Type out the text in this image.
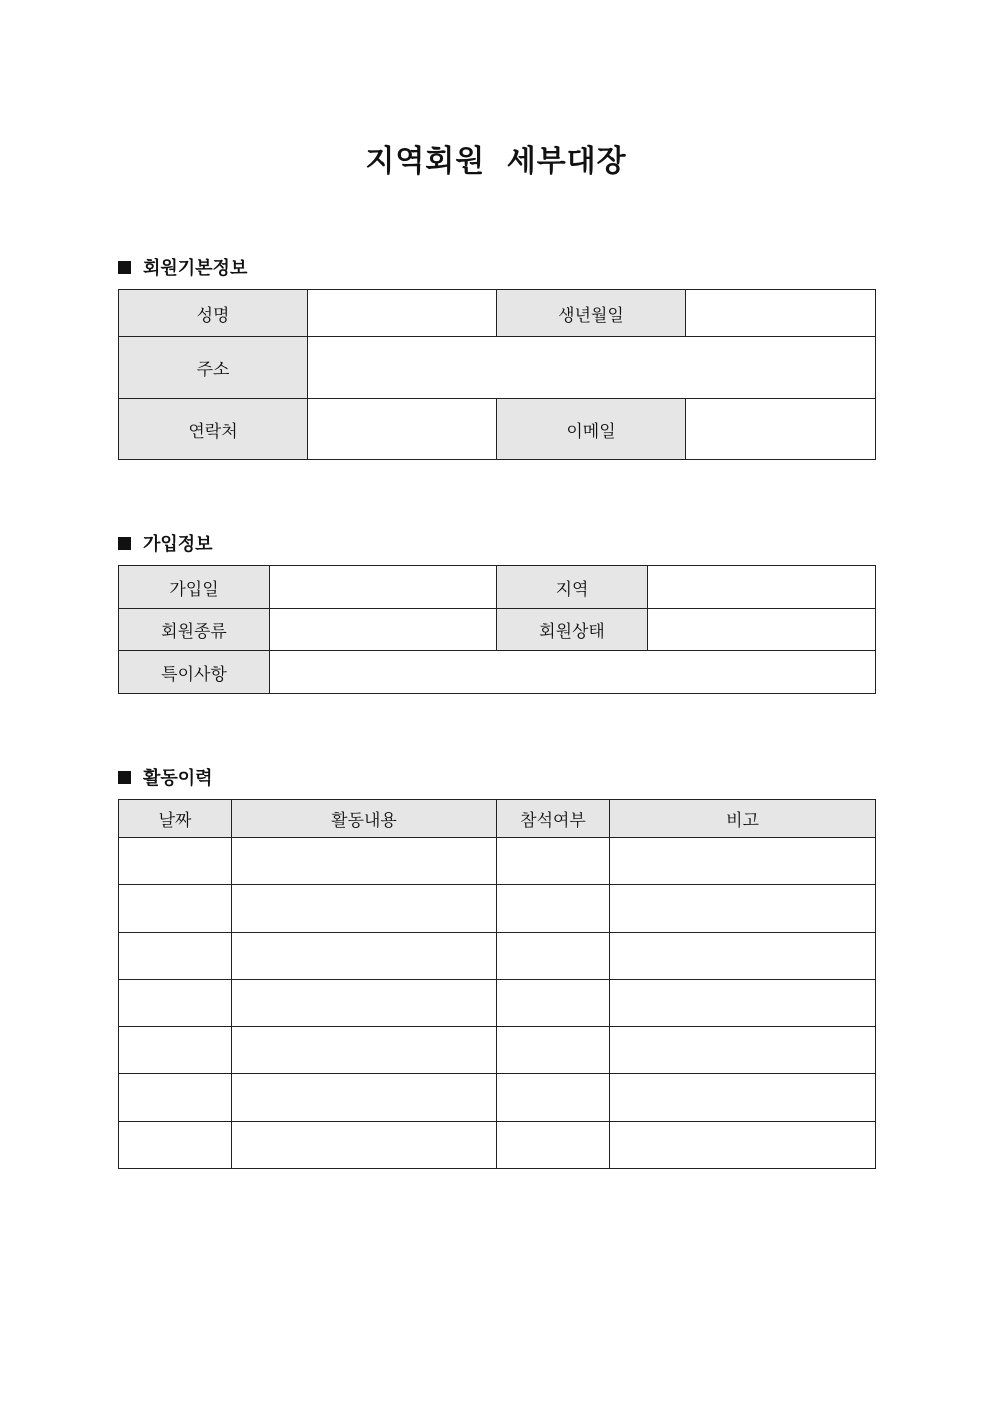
지역회원 세부대장
회원기본정보
성명		생년월일	
주소			
연락처		이메일	
가입정보
가입일		지역	
회원종류		회원상태	
특이사항			
활동이력
날짜	활동내용	참석여부	비고
